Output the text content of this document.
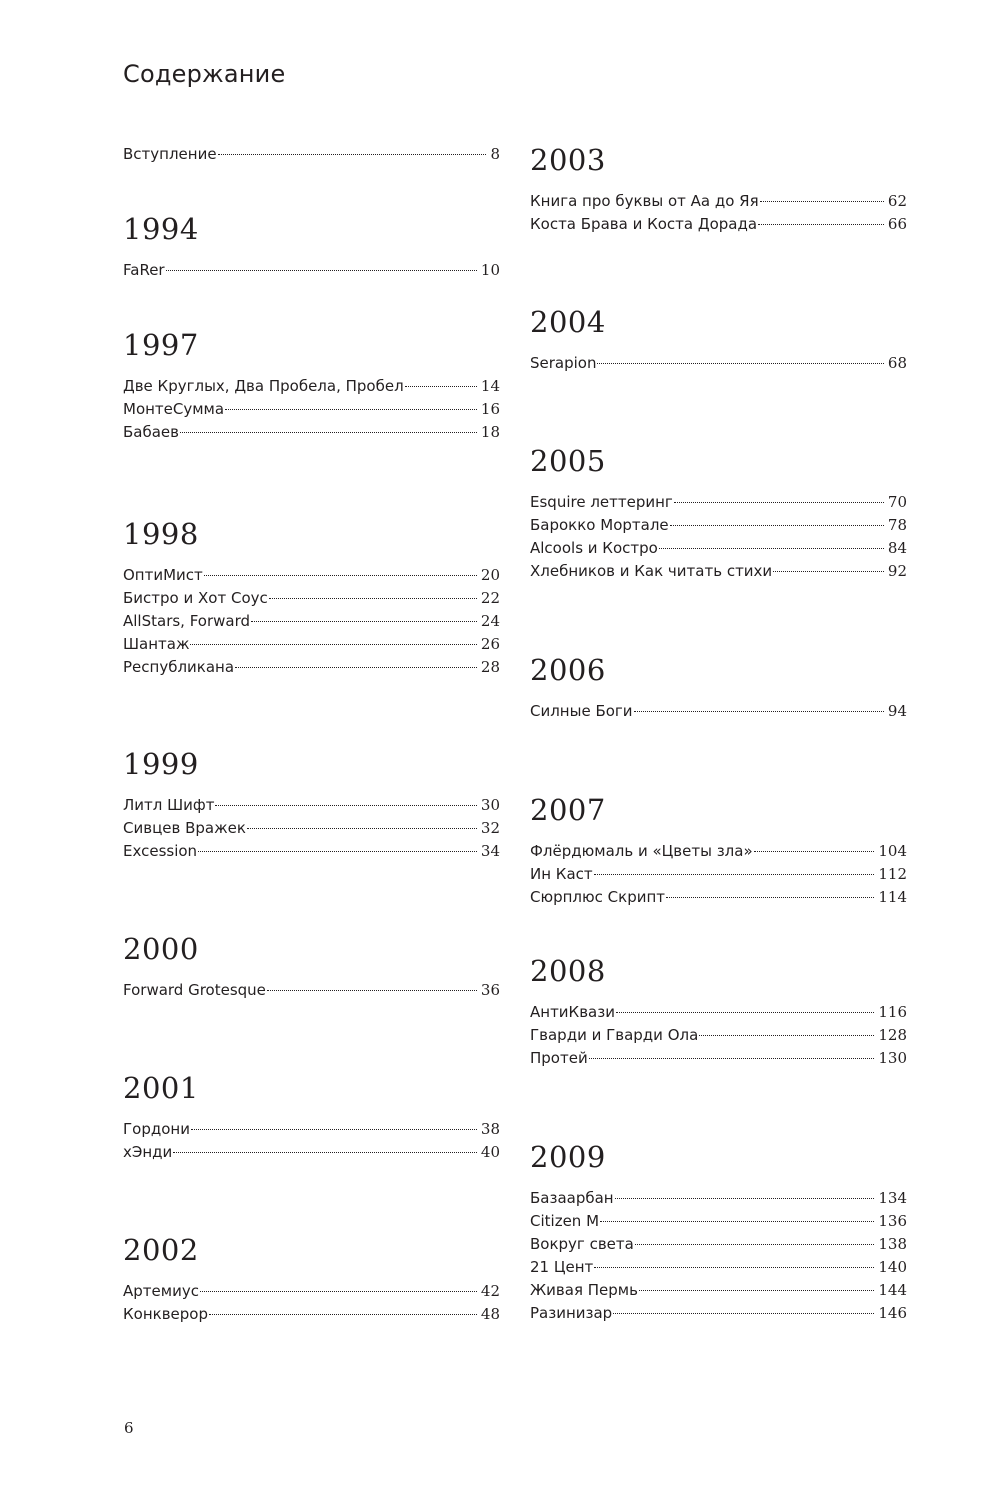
Содержание
Вступление	8
1994
FaRer	10
1997
Две Круглых, Два Пробела, Пробел	14
МонтеСумма	16
Бабаев	18
1998
ОптиМист	20
Бистро и Хот Соус	22
AllStars, Forward	24
Шантаж	26
Республикана	28
1999
Литл Шифт	30
Сивцев Вражек	32
Excession	34
2000
Forward Grotesque	36
2001
Гордони	38
хЭнди	40
2002
Артемиус	42
Конкверор	48
2003
Книга про буквы от Аа до Яя	62
Коста Брава и Коста Дорада	66
2004
Serapion	68
2005
Esquire леттеринг	70
Барокко Мортале	78
Alcools и Костро	84
Хлебников и Как читать стихи	92
2006
Силные Боги	94
2007
Флёрдюмаль и «Цветы зла»	104
Ин Каст	112
Сюрплюс Скрипт	114
2008
АнтиКвази	116
Гварди и Гварди Ола	128
Протей	130
2009
Базаарбан	134
Citizen M	136
Вокруг света	138
21 Цент	140
Живая Пермь	144
Разинизар	146
6
